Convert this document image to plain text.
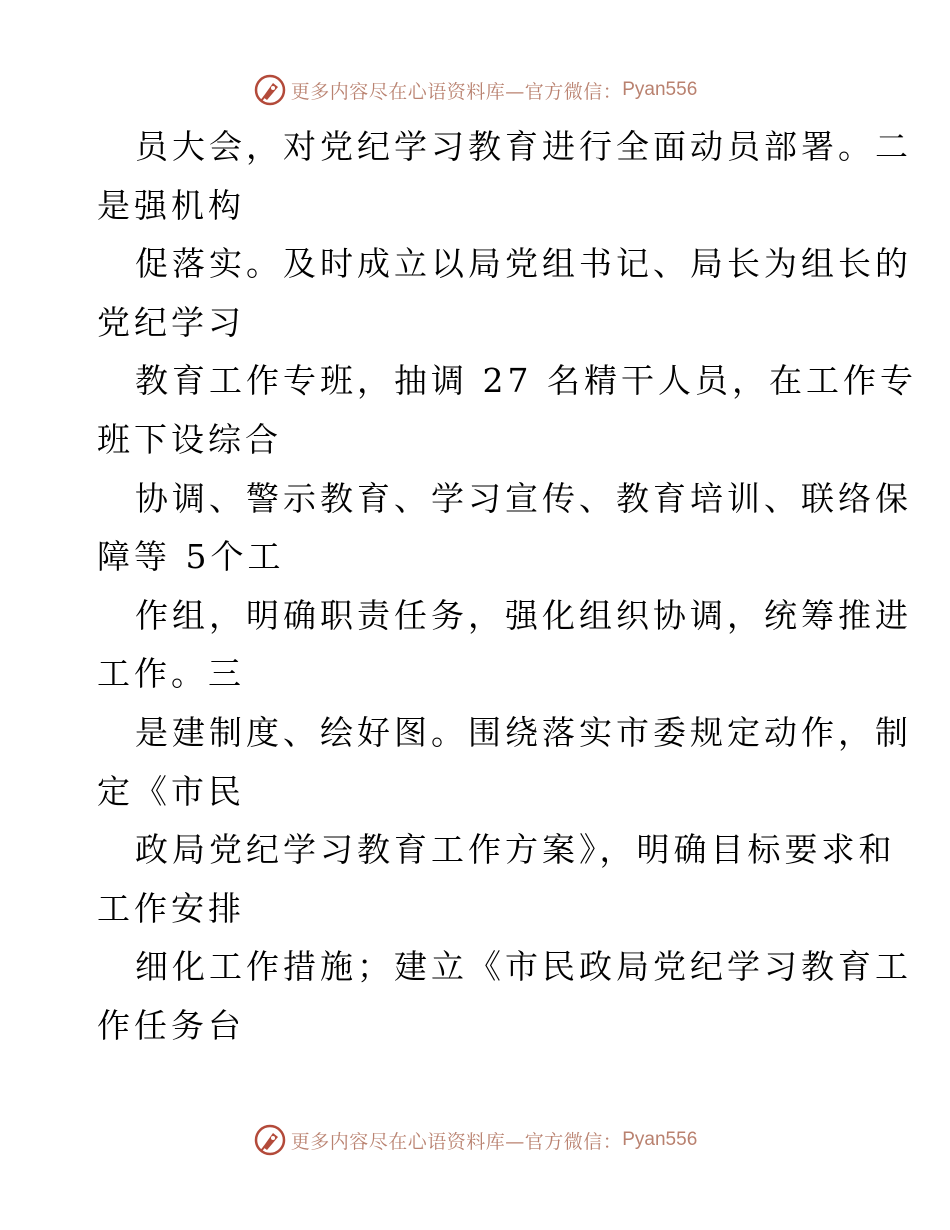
更多内容尽在心语资料库—官方微信： Pyan556
员大会，对党纪学习教育进行全面动员部署。二
是强机构
促落实。及时成立以局党组书记、局长为组长的
党纪学习
教育工作专班，抽调 27 名精干人员，在工作专
班下设综合
协调、警示教育、学习宣传、教育培训、联络保
障等 5个工
作组，明确职责任务，强化组织协调，统筹推进
工作。三
是建制度、绘好图。围绕落实市委规定动作，制
定《市民
政局党纪学习教育工作方案》，明确目标要求和
工作安排
细化工作措施；建立《市民政局党纪学习教育工
作任务台
更多内容尽在心语资料库—官方微信： Pyan556
